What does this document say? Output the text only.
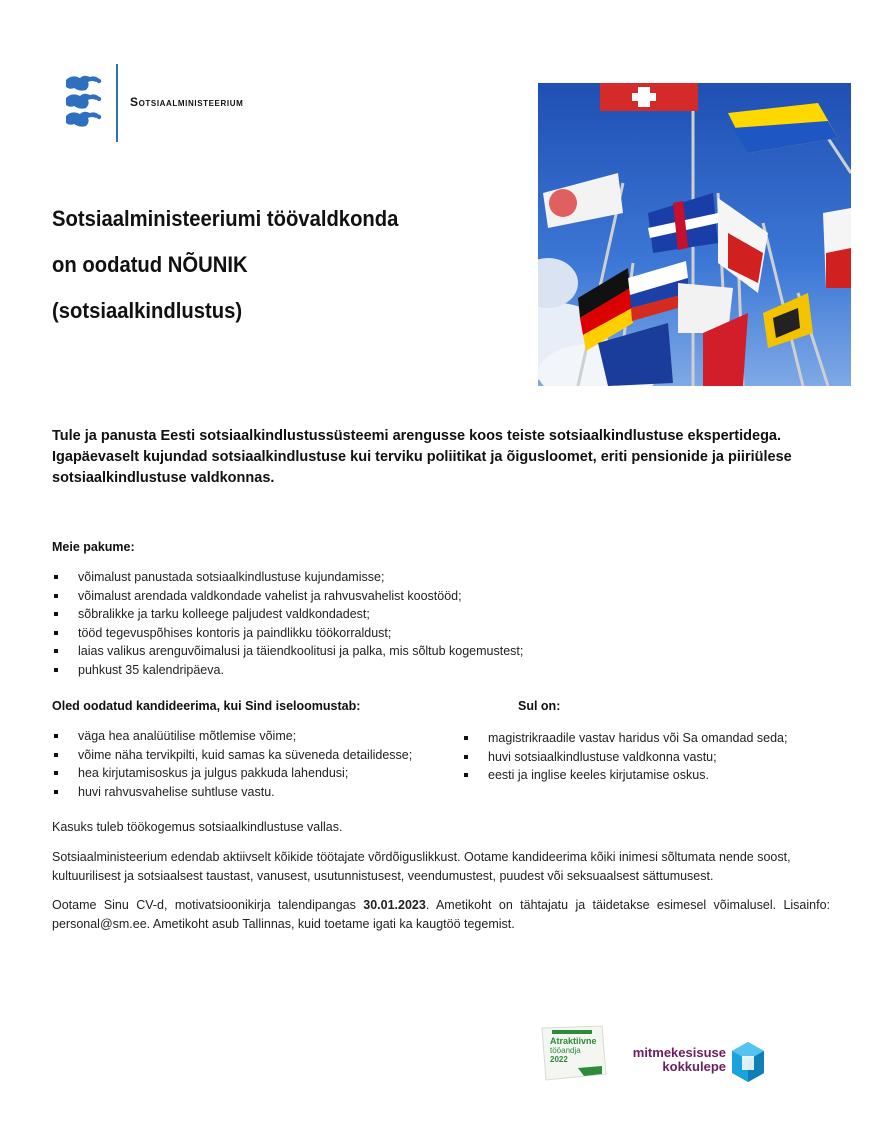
Sotsiaalministeerium
Sotsiaalministeeriumi töövaldkonda
on oodatud NÕUNIK
(sotsiaalkindlustus)
Tule ja panusta Eesti sotsiaalkindlustussüsteemi arengusse koos teiste sotsiaalkindlustuse ekspertidega. Igapäevaselt kujundad sotsiaalkindlustuse kui terviku poliitikat ja õigusloomet, eriti pensionide ja piiriülese sotsiaalkindlustuse valdkonnas.
Meie pakume:
võimalust panustada sotsiaalkindlustuse kujundamisse;
võimalust arendada valdkondade vahelist ja rahvusvahelist koostööd;
sõbralikke ja tarku kolleege paljudest valdkondadest;
tööd tegevuspõhises kontoris ja paindlikku töökorraldust;
laias valikus arenguvõimalusi ja täiendkoolitusi ja palka, mis sõltub kogemustest;
puhkust 35 kalendripäeva.
Oled oodatud kandideerima, kui Sind iseloomustab:
väga hea analüütilise mõtlemise võime;
võime näha tervikpilti, kuid samas ka süveneda detailidesse;
hea kirjutamisoskus ja julgus pakkuda lahendusi;
huvi rahvusvahelise suhtluse vastu.
Sul on:
magistrikraadile vastav haridus või Sa omandad seda;
huvi sotsiaalkindlustuse valdkonna vastu;
eesti ja inglise keeles kirjutamise oskus.
Kasuks tuleb töökogemus sotsiaalkindlustuse vallas.
Sotsiaalministeerium edendab aktiivselt kõikide töötajate võrdõiguslikkust. Ootame kandideerima kõiki inimesi sõltumata nende soost, kultuurilisest ja sotsiaalsest taustast, vanusest, usutunnistusest, veendumustest, puudest või seksuaalsest sättumusest.
Ootame Sinu CV-d, motivatsioonikirja talendipangas 30.01.2023. Ametikoht on tähtajatu ja täidetakse esimesel võimalusel. Lisainfo: personal@sm.ee. Ametikoht asub Tallinnas, kuid toetame igati ka kaugtöö tegemist.
Atraktiivne
tööandja
2022	mitmekesisuse
kokkulepe
